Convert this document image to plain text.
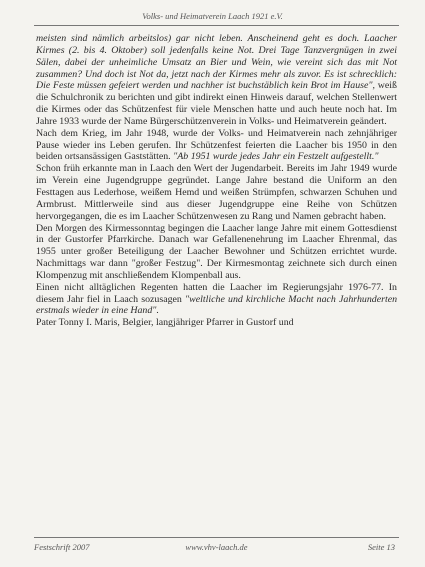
Volks- und Heimatverein Laach 1921 e.V.

meisten sind nämlich arbeitslos) gar nicht leben. Anscheinend geht es doch. Laacher Kirmes (2. bis 4. Oktober) soll jedenfalls keine Not. Drei Tage Tanzvergnügen in zwei Sälen, dabei der unheimliche Umsatz an Bier und Wein, wie vereint sich das mit Not zusammen? Und doch ist Not da, jetzt nach der Kirmes mehr als zuvor. Es ist schrecklich: Die Feste müssen gefeiert werden und nachher ist buchstäblich kein Brot im Hause", weiß die Schulchronik zu berichten und gibt indirekt einen Hinweis darauf, welchen Stellenwert die Kirmes oder das Schützenfest für viele Menschen hatte und auch heute noch hat. Im Jahre 1933 wurde der Name Bürgerschützenverein in Volks- und Heimatverein geändert.

Nach dem Krieg, im Jahr 1948, wurde der Volks- und Heimatverein nach zehnjähriger Pause wieder ins Leben gerufen. Ihr Schützenfest feierten die Laacher bis 1950 in den beiden ortsansässigen Gaststätten. "Ab 1951 wurde jedes Jahr ein Festzelt aufgestellt."

Schon früh erkannte man in Laach den Wert der Jugendarbeit. Bereits im Jahr 1949 wurde im Verein eine Jugendgruppe gegründet. Lange Jahre bestand die Uniform an den Festtagen aus Lederhose, weißem Hemd und weißen Strümpfen, schwarzen Schuhen und Armbrust. Mittlerweile sind aus dieser Jugendgruppe eine Reihe von Schützen hervorgegangen, die es im Laacher Schützenwesen zu Rang und Namen gebracht haben.

Den Morgen des Kirmessonntag begingen die Laacher lange Jahre mit einem Gottesdienst in der Gustorfer Pfarrkirche. Danach war Gefallenenehrung im Laacher Ehrenmal, das 1955 unter großer Beteiligung der Laacher Bewohner und Schützen errichtet wurde. Nachmittags war dann "großer Festzug". Der Kirmesmontag zeichnete sich durch einen Klompenzug mit anschließendem Klompenball aus.

Einen nicht alltäglichen Regenten hatten die Laacher im Regierungsjahr 1976-77. In diesem Jahr fiel in Laach sozusagen "weltliche und kirchliche Macht nach Jahrhunderten erstmals wieder in eine Hand".

Pater Tonny I. Maris, Belgier, langjähriger Pfarrer in Gustorf und

Festschrift 2007	www.vhv-laach.de	Seite 13
